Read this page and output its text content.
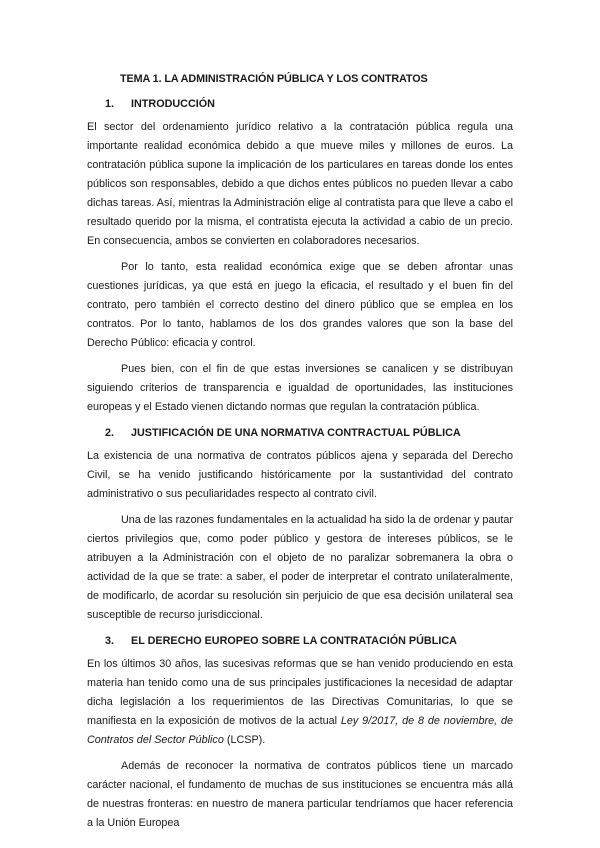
TEMA 1. LA ADMINISTRACIÓN PÚBLICA Y LOS CONTRATOS
1.	INTRODUCCIÓN

El sector del ordenamiento jurídico relativo a la contratación pública regula una importante realidad económica debido a que mueve miles y millones de euros. La contratación pública supone la implicación de los particulares en tareas donde los entes públicos son responsables, debido a que dichos entes públicos no pueden llevar a cabo dichas tareas. Así, mientras la Administración elige al contratista para que lleve a cabo el resultado querido por la misma, el contratista ejecuta la actividad a cabio de un precio. En consecuencia, ambos se convierten en colaboradores necesarios.

Por lo tanto, esta realidad económica exige que se deben afrontar unas cuestiones jurídicas, ya que está en juego la eficacia, el resultado y el buen fin del contrato, pero también el correcto destino del dinero público que se emplea en los contratos. Por lo tanto, hablamos de los dos grandes valores que son la base del Derecho Público: eficacia y control.

Pues bien, con el fin de que estas inversiones se canalicen y se distribuyan siguiendo criterios de transparencia e igualdad de oportunidades, las instituciones europeas y el Estado vienen dictando normas que regulan la contratación pública.

2.	JUSTIFICACIÓN DE UNA NORMATIVA CONTRACTUAL PÚBLICA

La existencia de una normativa de contratos públicos ajena y separada del Derecho Civil, se ha venido justificando históricamente por la sustantividad del contrato administrativo o sus peculiaridades respecto al contrato civil.

Una de las razones fundamentales en la actualidad ha sido la de ordenar y pautar ciertos privilegios que, como poder público y gestora de intereses públicos, se le atribuyen a la Administración con el objeto de no paralizar sobremanera la obra o actividad de la que se trate: a saber, el poder de interpretar el contrato unilateralmente, de modificarlo, de acordar su resolución sin perjuicio de que esa decisión unilateral sea susceptible de recurso jurisdiccional.

3.	EL DERECHO EUROPEO SOBRE LA CONTRATACIÓN PÚBLICA

En los últimos 30 años, las sucesivas reformas que se han venido produciendo en esta materia han tenido como una de sus principales justificaciones la necesidad de adaptar dicha legislación a los requerimientos de las Directivas Comunitarias, lo que se manifiesta en la exposición de motivos de la actual Ley 9/2017, de 8 de noviembre, de Contratos del Sector Público (LCSP).

Además de reconocer la normativa de contratos públicos tiene un marcado carácter nacional, el fundamento de muchas de sus instituciones se encuentra más allá de nuestras fronteras: en nuestro de manera particular tendríamos que hacer referencia a la Unión Europea
